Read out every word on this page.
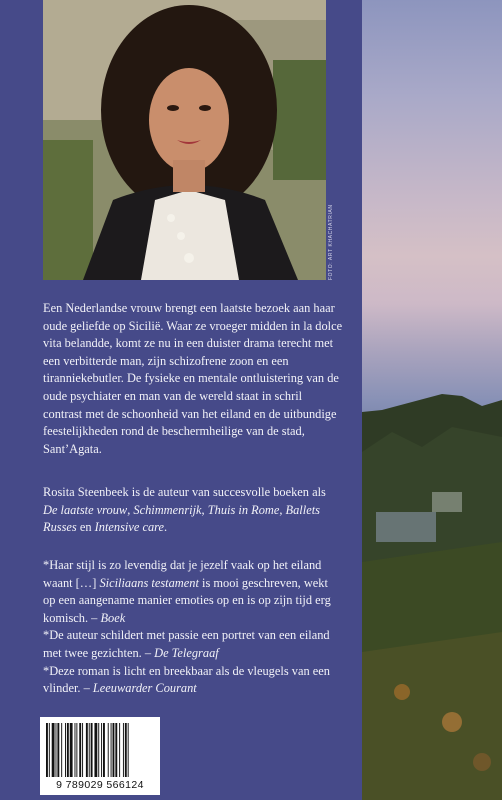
FOTO: ART KHACHATRIAN
Een Nederlandse vrouw brengt een laatste bezoek aan haar oude geliefde op Sicilië. Waar ze vroeger midden in la dolce vita belandde, komt ze nu in een duister drama terecht met een verbitterde man, zijn schizofrene zoon en een tiranniekebutler. De fysieke en mentale ontluistering van de oude psychiater en man van de wereld staat in schril contrast met de schoonheid van het eiland en de uitbundige feestelijkheden rond de beschermheilige van de stad, Sant’Agata.
Rosita Steenbeek is de auteur van succesvolle boeken als De laatste vrouw, Schimmenrijk, Thuis in Rome, Ballets Russes en Intensive care.
*Haar stijl is zo levendig dat je jezelf vaak op het eiland waant […] Siciliaans testament is mooi geschreven, wekt op een aangename manier emoties op en is op zijn tijd erg komisch. – Boek
*De auteur schildert met passie een portret van een eiland met twee gezichten. – De Telegraaf
*Deze roman is licht en breekbaar als de vleugels van een vlinder. – Leeuwarder Courant
9 789029 566124
